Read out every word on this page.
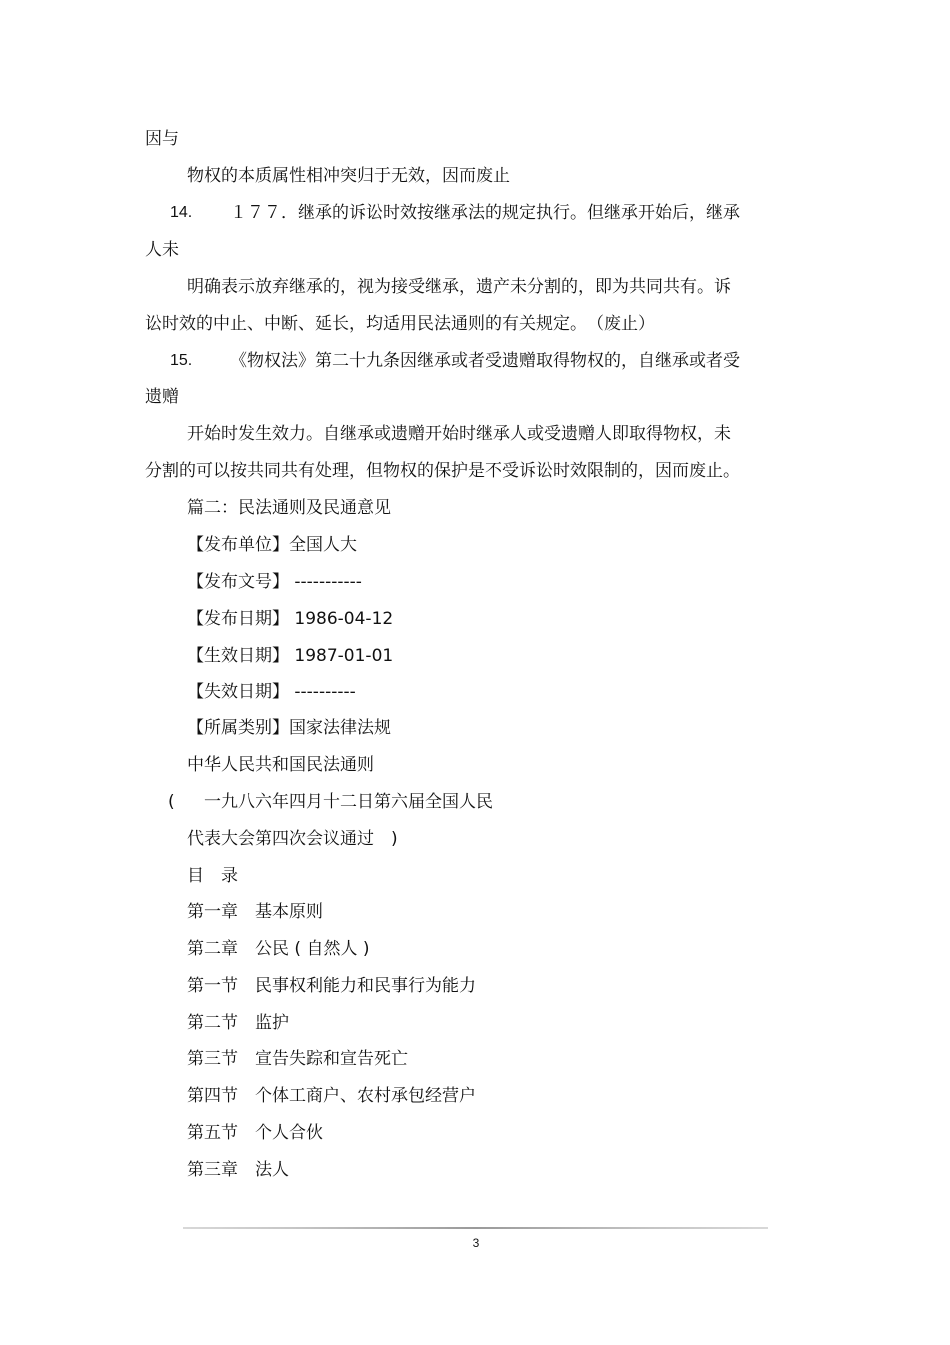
因与
物权的本质属性相冲突归于无效，因而废止
14. １７７．继承的诉讼时效按继承法的规定执行。但继承开始后，继承
人未
明确表示放弃继承的，视为接受继承，遗产未分割的，即为共同共有。诉
讼时效的中止、中断、延长，均适用民法通则的有关规定。　（废止）
15. 《物权法》第二十九条因继承或者受遗赠取得物权的，自继承或者受
遗赠
开始时发生效力。自继承或遗赠开始时继承人或受遗赠人即取得物权，未
分割的可以按共同共有处理，但物权的保护是不受诉讼时效限制的，因而废止。
篇二：民法通则及民通意见
【发布单位】全国人大
【发布文号】 -----------
【发布日期】 1986-04-12
【生效日期】 1987-01-01
【失效日期】 ----------
【所属类别】国家法律法规
中华人民共和国民法通则
( 一九八六年四月十二日第六届全国人民
代表大会第四次会议通过　)
目　录
第一章　基本原则
第二章　公民 ( 自然人 )
第一节　民事权利能力和民事行为能力
第二节　监护
第三节　宣告失踪和宣告死亡
第四节　个体工商户、农村承包经营户
第五节　个人合伙
第三章　法人
3
